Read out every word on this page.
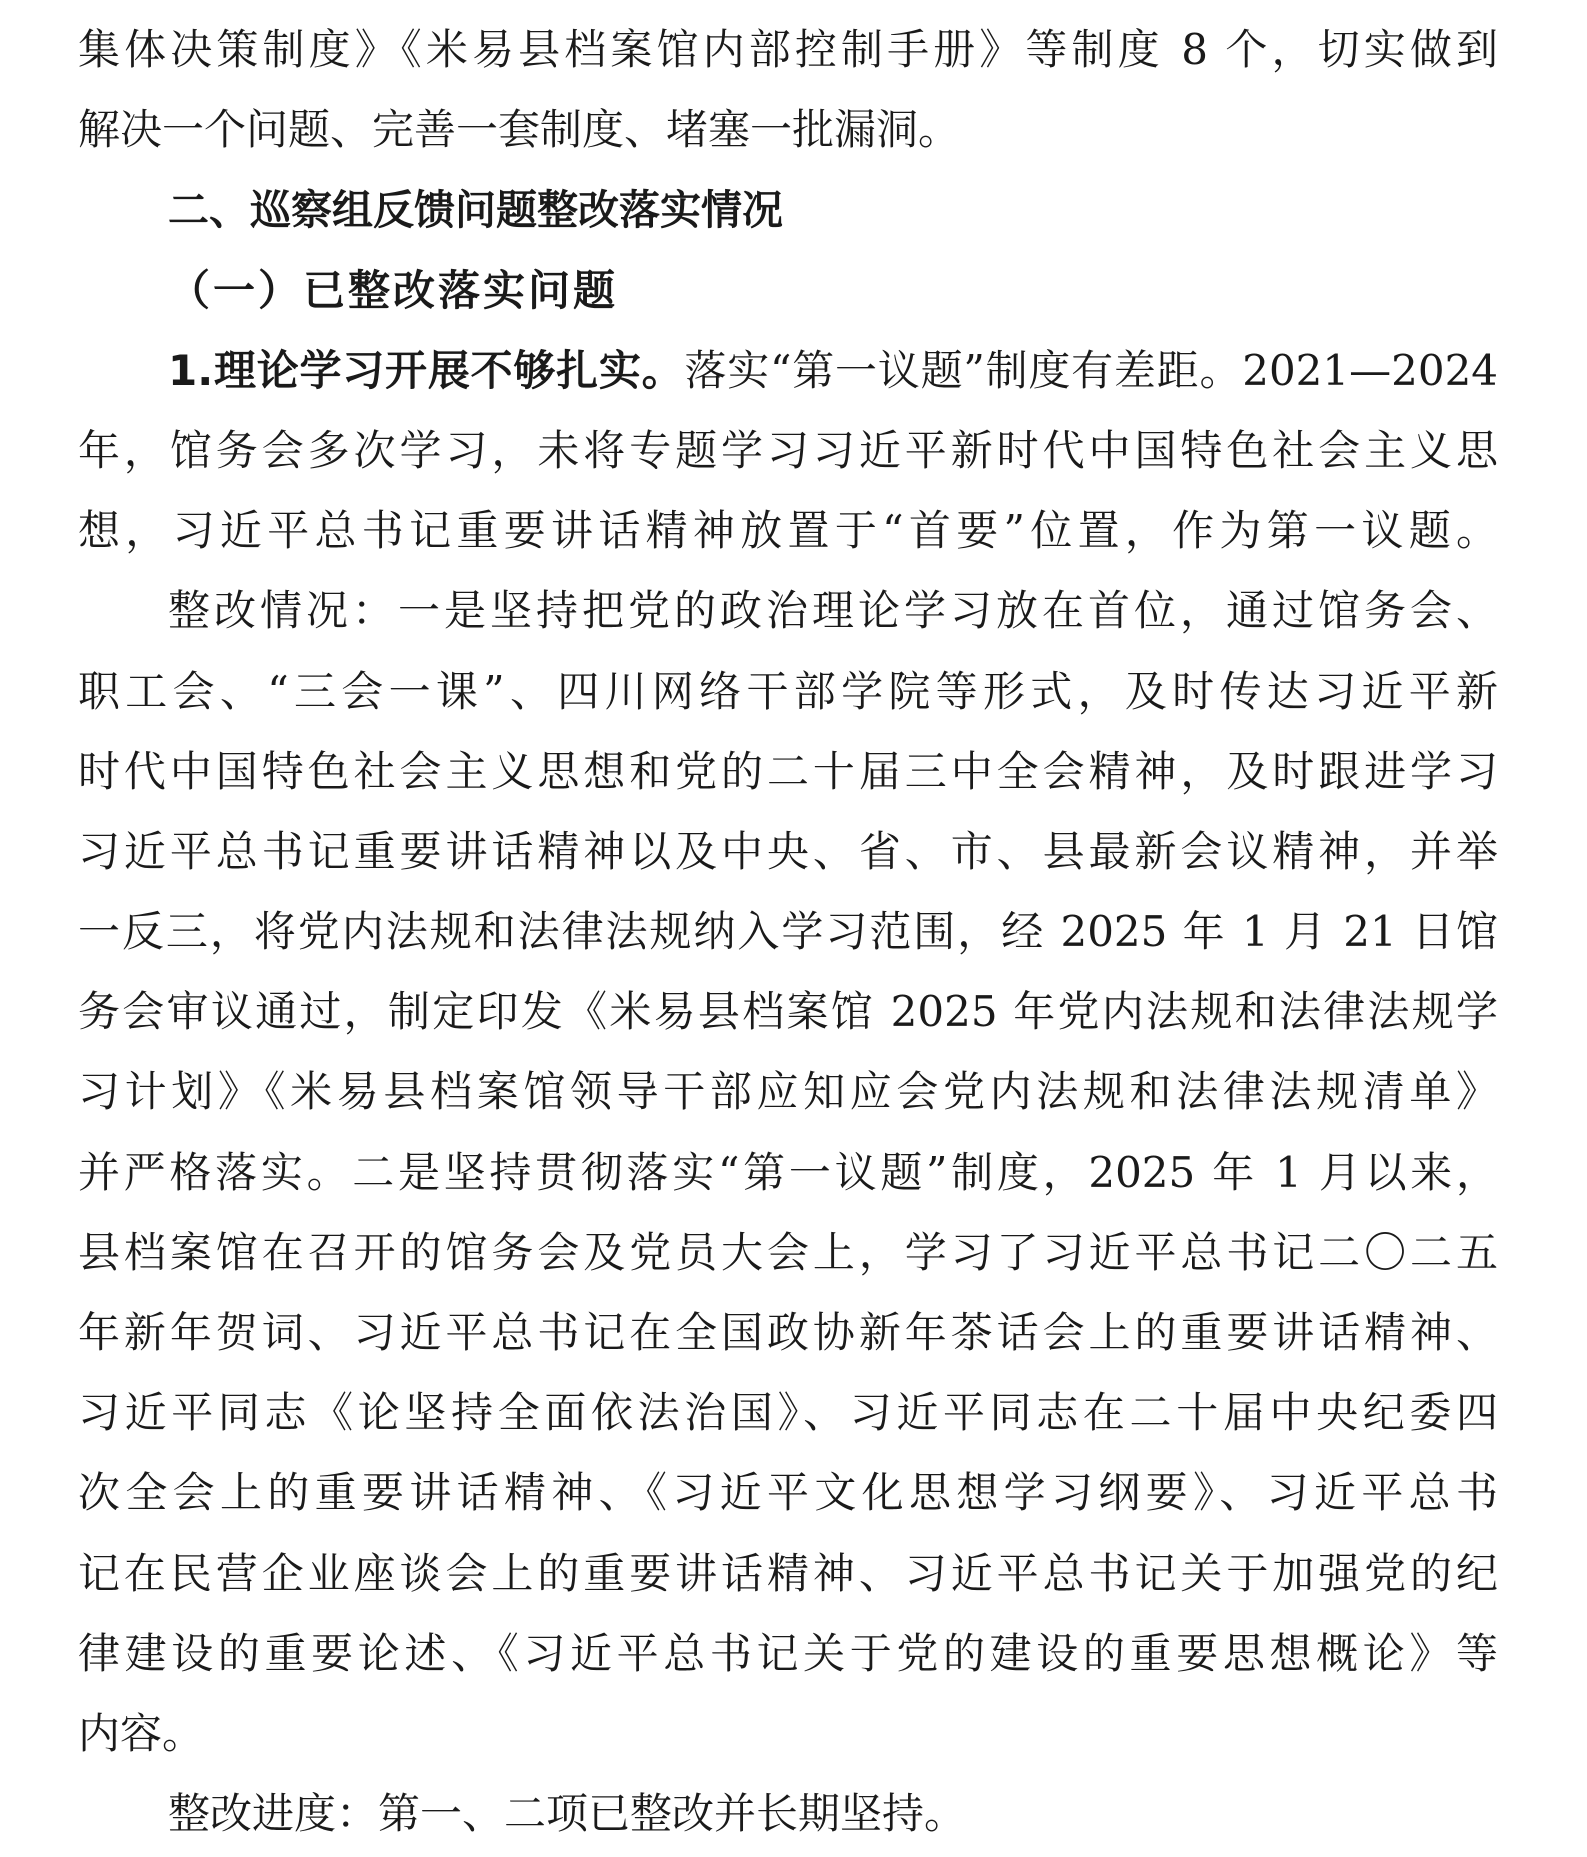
集体决策制度》《米易县档案馆内部控制手册》等制度 8 个，切实做到
解决一个问题、完善一套制度、堵塞一批漏洞。
二、巡察组反馈问题整改落实情况
（一）已整改落实问题
1.理论学习开展不够扎实。落实“第一议题”制度有差距。2021—2024
年，馆务会多次学习，未将专题学习习近平新时代中国特色社会主义思
想，习近平总书记重要讲话精神放置于“首要”位置，作为第一议题。
整改情况：一是坚持把党的政治理论学习放在首位，通过馆务会、
职工会、“三会一课”、四川网络干部学院等形式，及时传达习近平新
时代中国特色社会主义思想和党的二十届三中全会精神，及时跟进学习
习近平总书记重要讲话精神以及中央、省、市、县最新会议精神，并举
一反三，将党内法规和法律法规纳入学习范围，经 2025 年 1 月 21 日馆
务会审议通过，制定印发《米易县档案馆 2025 年党内法规和法律法规学
习计划》《米易县档案馆领导干部应知应会党内法规和法律法规清单》
并严格落实。二是坚持贯彻落实“第一议题”制度，2025 年 1 月以来，
县档案馆在召开的馆务会及党员大会上，学习了习近平总书记二〇二五
年新年贺词、习近平总书记在全国政协新年茶话会上的重要讲话精神、
习近平同志《论坚持全面依法治国》、习近平同志在二十届中央纪委四
次全会上的重要讲话精神、《习近平文化思想学习纲要》、习近平总书
记在民营企业座谈会上的重要讲话精神、习近平总书记关于加强党的纪
律建设的重要论述、《习近平总书记关于党的建设的重要思想概论》等
内容。
整改进度：第一、二项已整改并长期坚持。
